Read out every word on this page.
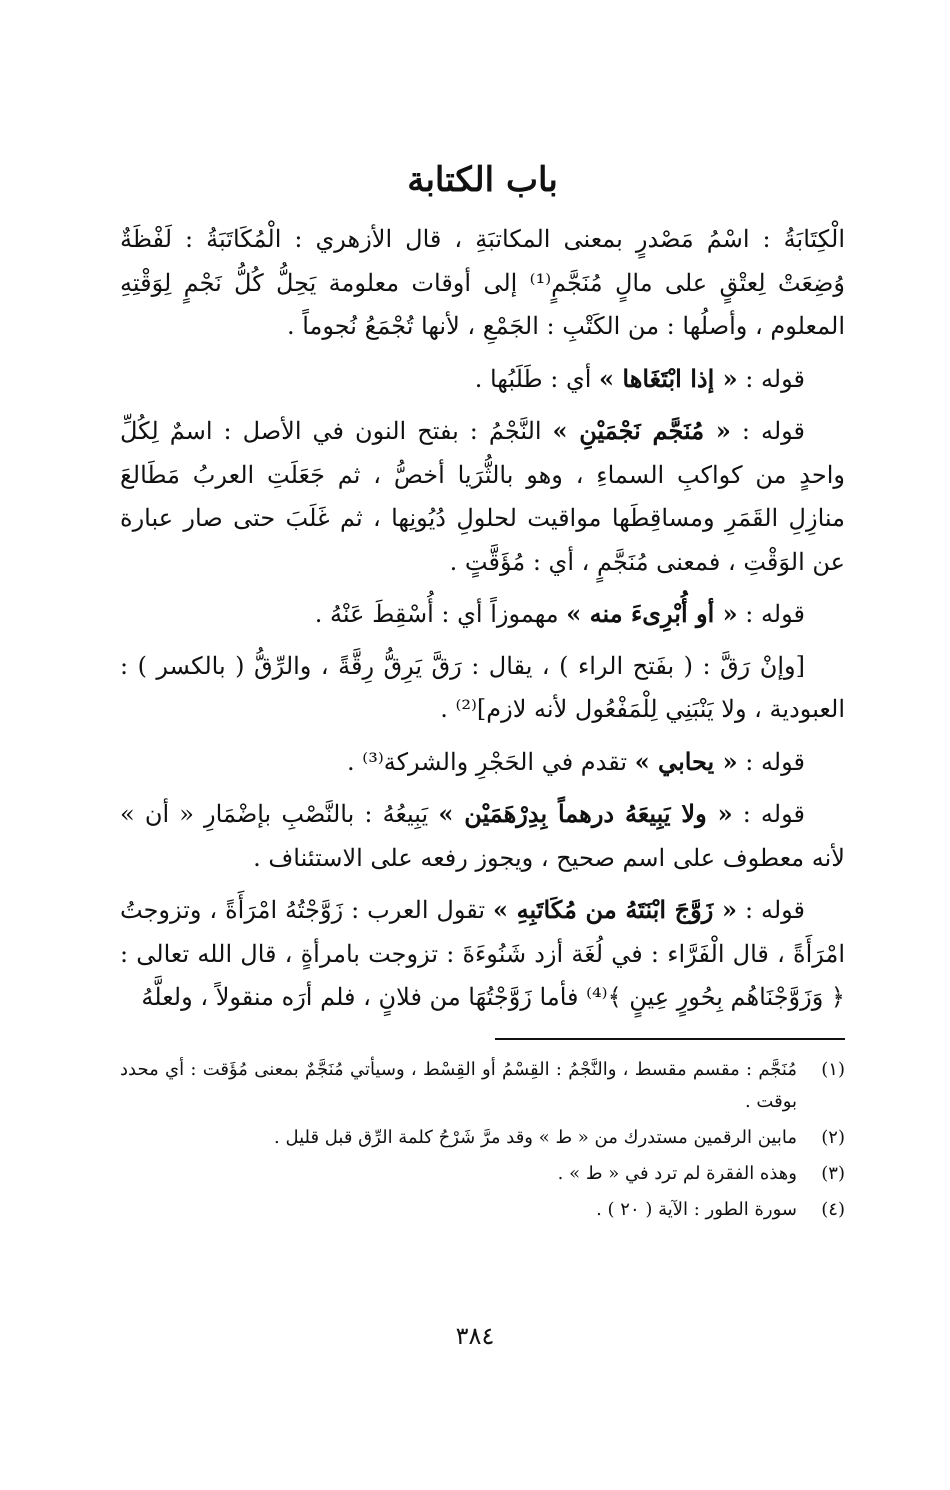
باب الكتابة

الْكِتَابَةُ : اسْمُ مَصْدرٍ بمعنى المكاتبَةِ ، قال الأزهري : الْمُكَاتَبَةُ : لَفْظَةٌ وُضِعَتْ لِعتْقٍ على مالٍ مُنَجَّمٍ⁽¹⁾ إلى أوقات معلومة يَحِلُّ كُلُّ نَجْمٍ لِوَقْتِهِ المعلوم ، وأصلُها : من الكَتْبِ : الجَمْعِ ، لأنها تُجْمَعُ نُجوماً .

قوله : « إذا ابْتَغَاها » أي : طَلَبُها .

قوله : « مُنَجَّم نَجْمَيْنِ » النَّجْمُ : بفتح النون في الأصل : اسمٌ لِكُلِّ واحدٍ من كواكبِ السماءِ ، وهو بالثُّرَيا أخصُّ ، ثم جَعَلَتِ العربُ مَطَالعَ منازِلِ القَمَرِ ومساقِطَها مواقيت لحلولِ دُيُونِها ، ثم غَلَبَ حتى صار عبارة عن الوَقْتِ ، فمعنى مُنَجَّمٍ ، أي : مُؤَقَّتٍ .

قوله : « أو أُبْرِىءَ منه » مهموزاً أي : أُسْقِطَ عَنْهُ .

[وإنْ رَقَّ : ( بفَتح الراء ) ، يقال : رَقَّ يَرِقُّ رِقَّةً ، والرِّقُّ ( بالكسر ) : العبودية ، ولا يَنْبَنِي لِلْمَفْعُول لأنه لازم]⁽²⁾ .

قوله : « يحابي » تقدم في الحَجْرِ والشركة⁽³⁾ .

قوله : « ولا يَبِيعَهُ درهماً بِدِرْهَمَيْن » يَبِيعُهُ : بالنَّصْبِ بإضْمَارِ « أن » لأنه معطوف على اسم صحيح ، ويجوز رفعه على الاستئناف .

قوله : « زَوَّجَ ابْنَتَهُ من مُكَاتَبِهِ » تقول العرب : زَوَّجْتُهُ امْرَأَةً ، وتزوجتُ امْرَأَةً ، قال الْفَرَّاء : في لُغَة أزد شَنُوءَةَ : تزوجت بامرأةٍ ، قال الله تعالى : ﴿ وَزَوَّجْنَاهُم بِحُورٍ عِينٍ ﴾⁽⁴⁾ فأما زَوَّجْتُهَا من فلانٍ ، فلم أرَه منقولاً ، ولعلَّهُ

(١)
مُنَجَّم : مقسم مقسط ، والنَّجْمُ : القِسْمُ أو القِسْط ، وسيأتي مُنَجَّمٌ بمعنى مُؤَقت : أي محدد بوقت .
(٢)
مابين الرقمين مستدرك من « ط » وقد مرَّ شَرْحُ كلمة الرِّق قبل قليل .
(٣)
وهذه الفقرة لم ترد في « ط » .
(٤)
سورة الطور : الآية ( ٢٠ ) .
٣٨٤
